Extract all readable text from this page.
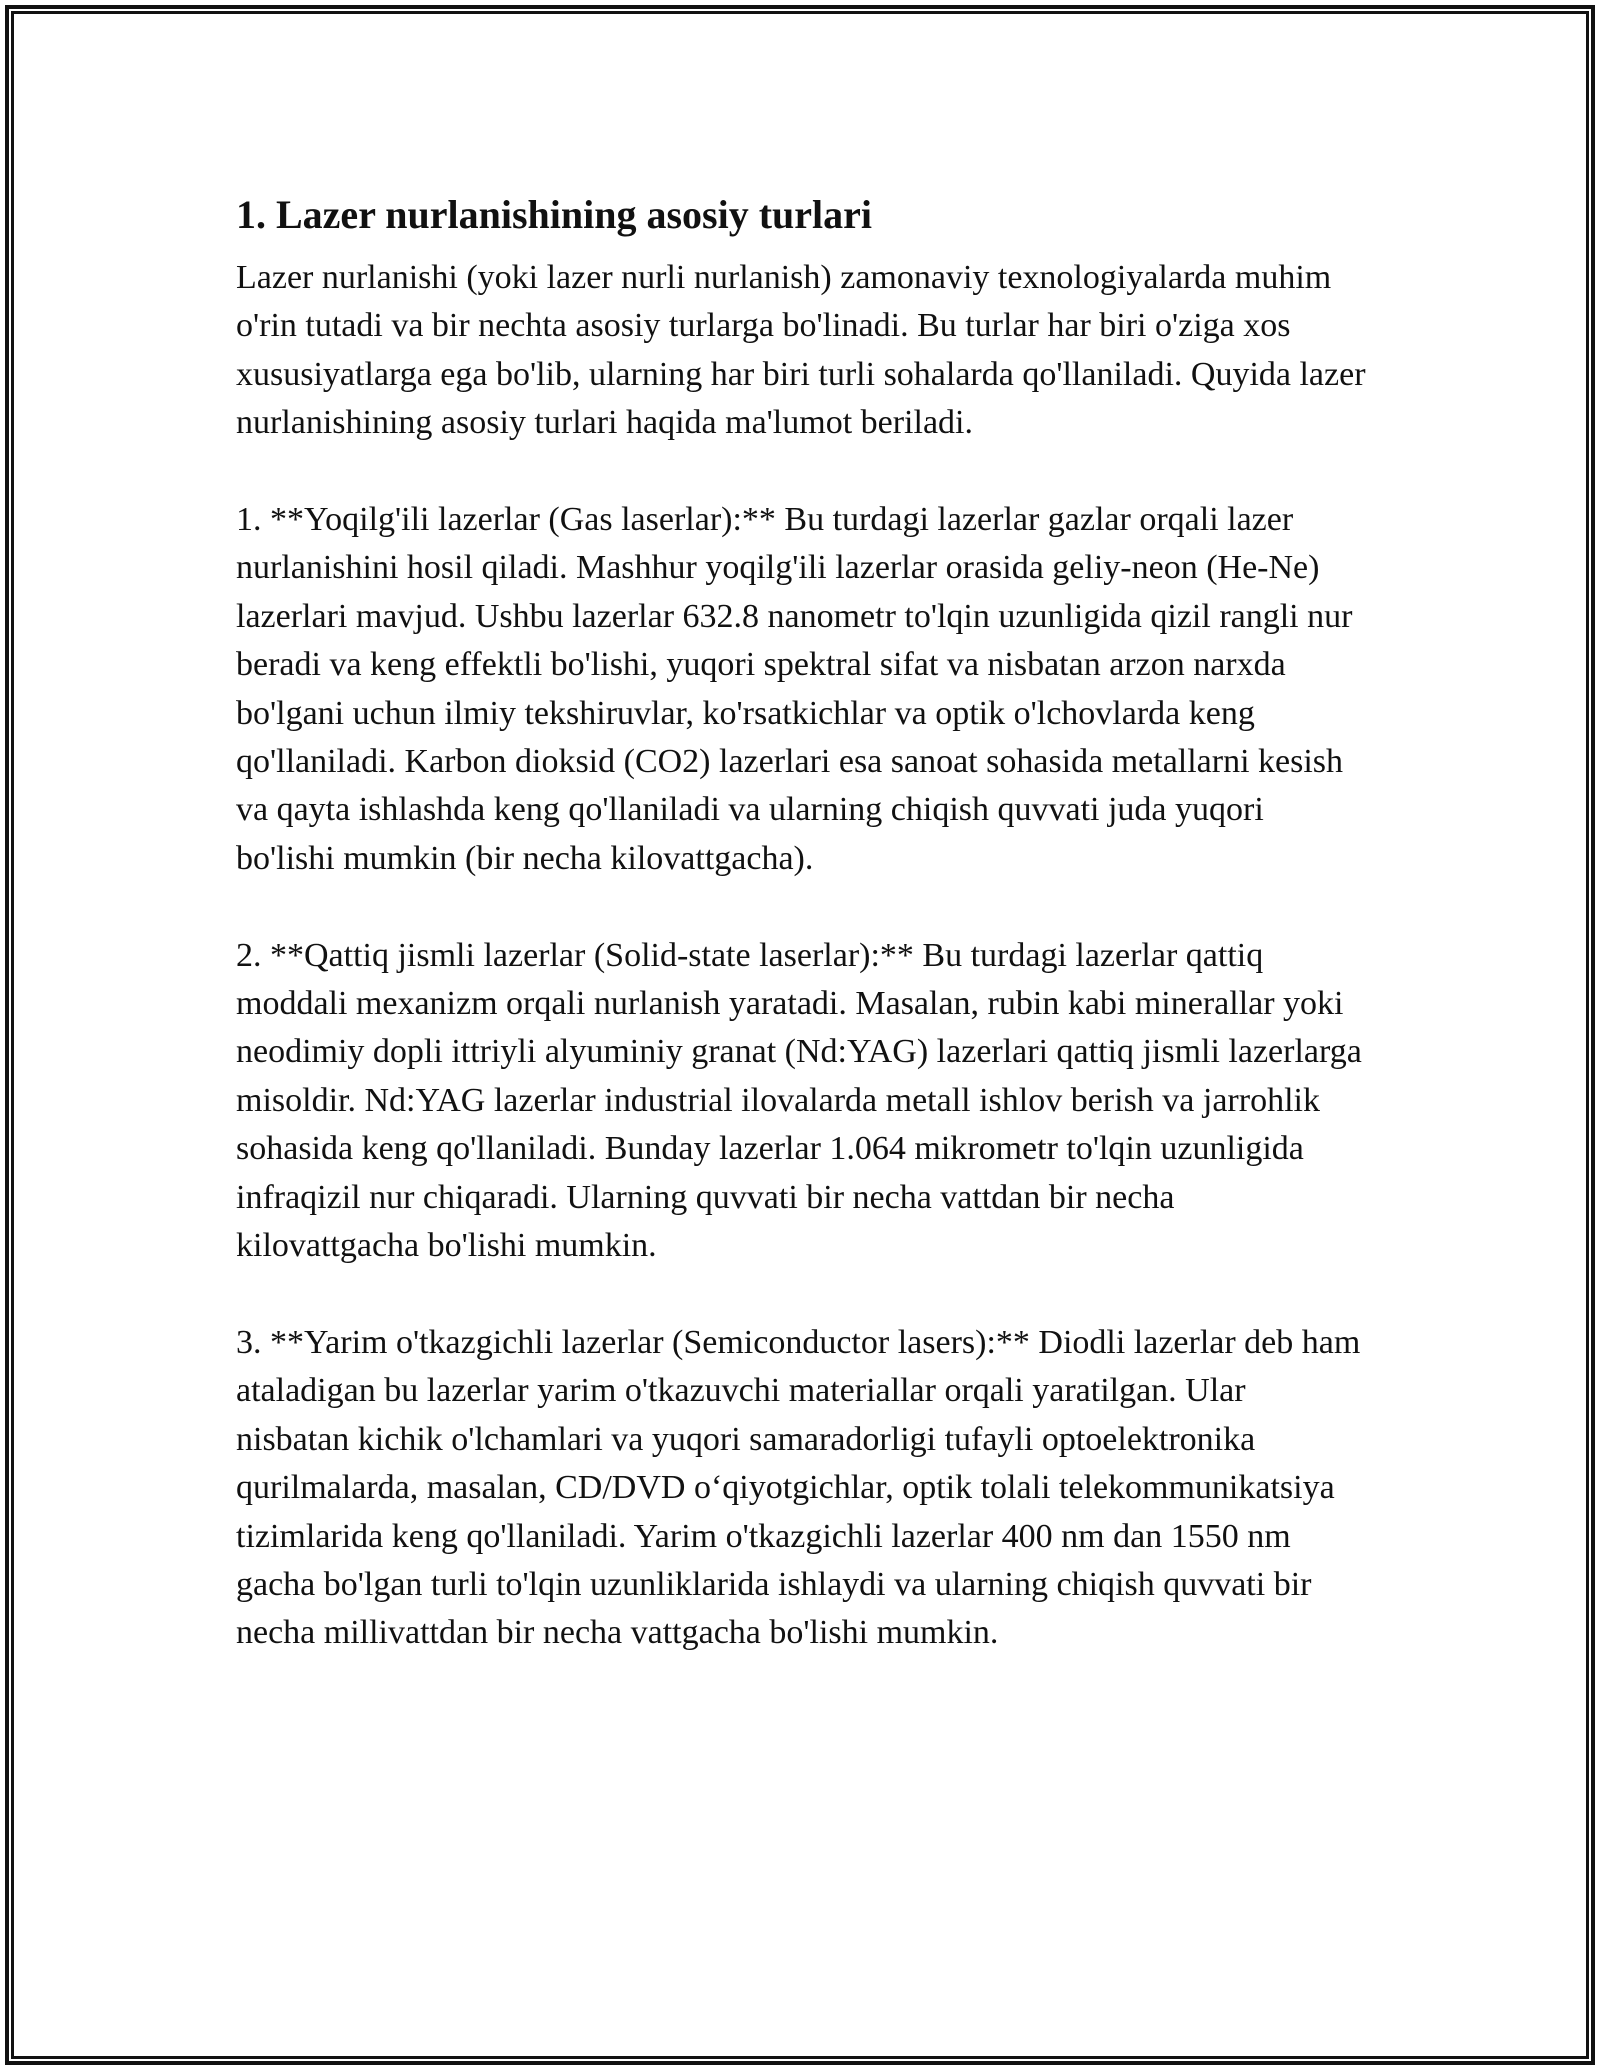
1. Lazer nurlanishining asosiy turlari

Lazer nurlanishi (yoki lazer nurli nurlanish) zamonaviy texnologiyalarda muhim o'rin tutadi va bir nechta asosiy turlarga bo'linadi. Bu turlar har biri o'ziga xos xususiyatlarga ega bo'lib, ularning har biri turli sohalarda qo'llaniladi. Quyida lazer nurlanishining asosiy turlari haqida ma'lumot beriladi.

1. **Yoqilg'ili lazerlar (Gas laserlar):** Bu turdagi lazerlar gazlar orqali lazer nurlanishini hosil qiladi. Mashhur yoqilg'ili lazerlar orasida geliy-neon (He-Ne) lazerlari mavjud. Ushbu lazerlar 632.8 nanometr to'lqin uzunligida qizil rangli nur beradi va keng effektli bo'lishi, yuqori spektral sifat va nisbatan arzon narxda bo'lgani uchun ilmiy tekshiruvlar, ko'rsatkichlar va optik o'lchovlarda keng qo'llaniladi. Karbon dioksid (CO2) lazerlari esa sanoat sohasida metallarni kesish va qayta ishlashda keng qo'llaniladi va ularning chiqish quvvati juda yuqori bo'lishi mumkin (bir necha kilovattgacha).

2. **Qattiq jismli lazerlar (Solid-state laserlar):** Bu turdagi lazerlar qattiq moddali mexanizm orqali nurlanish yaratadi. Masalan, rubin kabi minerallar yoki neodimiy dopli ittriyli alyuminiy granat (Nd:YAG) lazerlari qattiq jismli lazerlarga misoldir. Nd:YAG lazerlar industrial ilovalarda metall ishlov berish va jarrohlik sohasida keng qo'llaniladi. Bunday lazerlar 1.064 mikrometr to'lqin uzunligida infraqizil nur chiqaradi. Ularning quvvati bir necha vattdan bir necha kilovattgacha bo'lishi mumkin.

3. **Yarim o'tkazgichli lazerlar (Semiconductor lasers):** Diodli lazerlar deb ham ataladigan bu lazerlar yarim o'tkazuvchi materiallar orqali yaratilgan. Ular nisbatan kichik o'lchamlari va yuqori samaradorligi tufayli optoelektronika qurilmalarda, masalan, CD/DVD o‘qiyotgichlar, optik tolali telekommunikatsiya tizimlarida keng qo'llaniladi. Yarim o'tkazgichli lazerlar 400 nm dan 1550 nm gacha bo'lgan turli to'lqin uzunliklarida ishlaydi va ularning chiqish quvvati bir necha millivattdan bir necha vattgacha bo'lishi mumkin.
